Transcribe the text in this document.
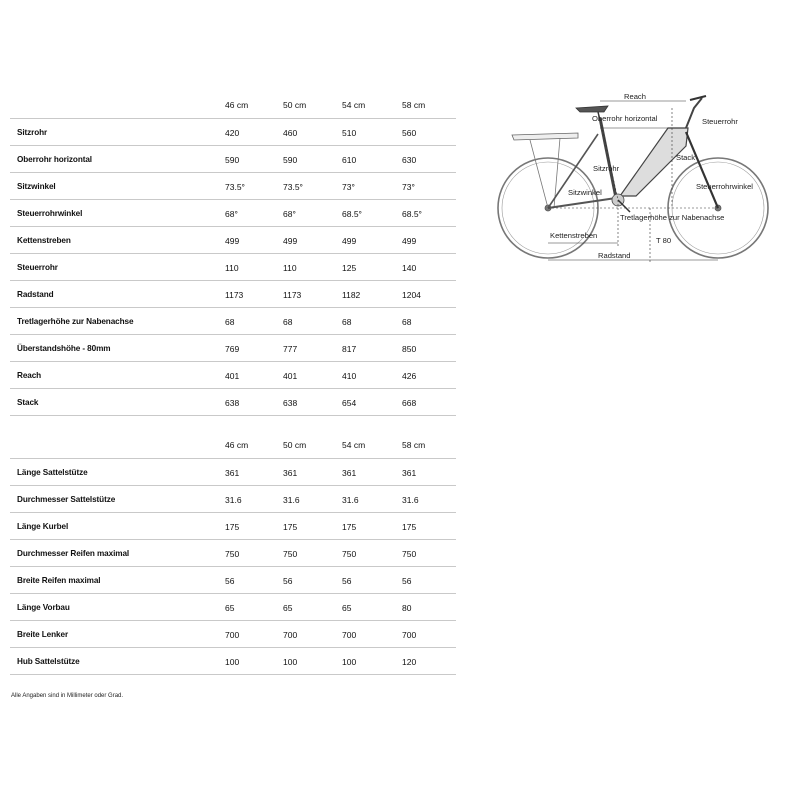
46 cm	50 cm	54 cm	58 cm
Sitzrohr	420	460	510	560
Oberrohr horizontal	590	590	610	630
Sitzwinkel	73.5°	73.5°	73°	73°
Steuerrohrwinkel	68°	68°	68.5°	68.5°
Kettenstreben	499	499	499	499
Steuerrohr	110	110	125	140
Radstand	1173	1173	1182	1204
Tretlagerhöhe zur Nabenachse	68	68	68	68
Überstandshöhe - 80mm	769	777	817	850
Reach	401	401	410	426
Stack	638	638	654	668
46 cm	50 cm	54 cm	58 cm
Länge Sattelstütze	361	361	361	361
Durchmesser Sattelstütze	31.6	31.6	31.6	31.6
Länge Kurbel	175	175	175	175
Durchmesser Reifen maximal	750	750	750	750
Breite Reifen maximal	56	56	56	56
Länge Vorbau	65	65	65	80
Breite Lenker	700	700	700	700
Hub Sattelstütze	100	100	100	120
Alle Angaben sind in Millimeter oder Grad.
Reach
Oberrohr horizontal	Steuerrohr
Stack
Sitzrohr
Sitzwinkel
Steuerrohrwinkel
Tretlagerhöhe zur Nabenachse
Kettenstreben
T 80
Radstand
